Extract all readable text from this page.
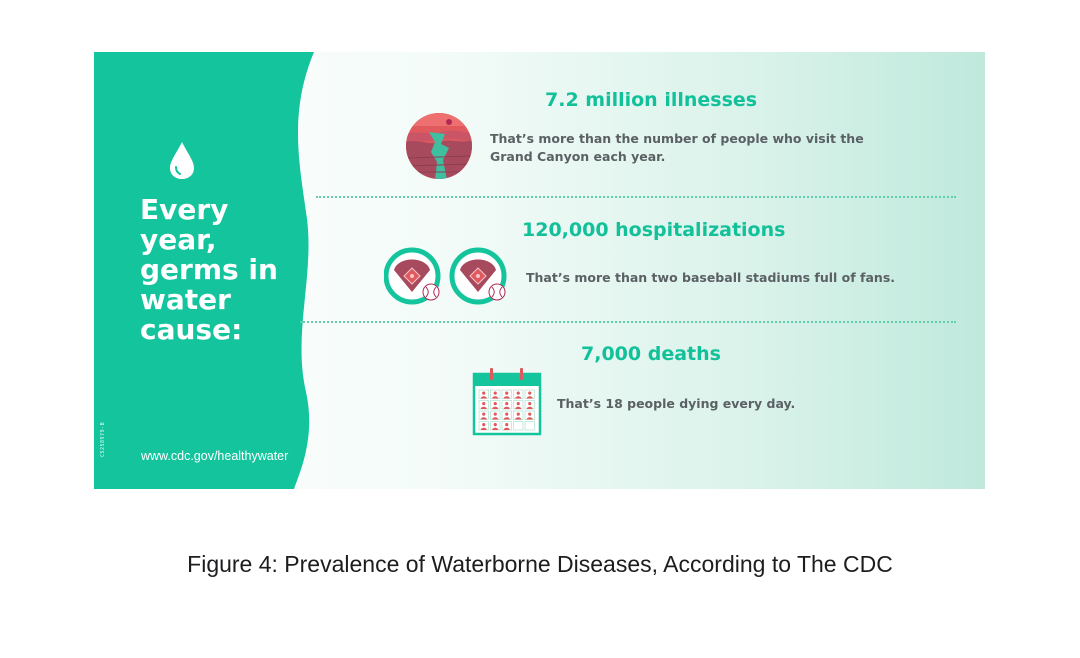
Every
year,
germs in
water
cause:
CS258979-B	www.cdc.gov/healthywater
7.2 million illnesses
That’s more than the number of people who visit the
Grand Canyon each year.
120,000 hospitalizations
That’s more than two baseball stadiums full of fans.
7,000 deaths
That’s 18 people dying every day.
Figure 4: Prevalence of Waterborne Diseases, According to The CDC
